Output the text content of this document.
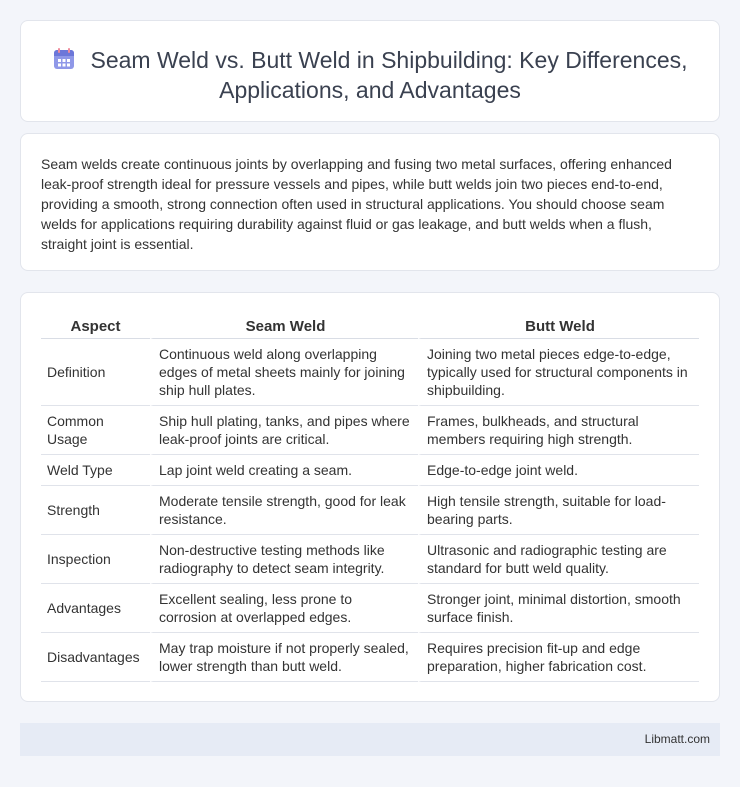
Seam Weld vs. Butt Weld in Shipbuilding: Key Differences, Applications, and Advantages

Seam welds create continuous joints by overlapping and fusing two metal surfaces, offering enhanced leak-proof strength ideal for pressure vessels and pipes, while butt welds join two pieces end-to-end, providing a smooth, strong connection often used in structural applications. You should choose seam welds for applications requiring durability against fluid or gas leakage, and butt welds when a flush, straight joint is essential.

Aspect	Seam Weld	Butt Weld
Definition	Continuous weld along overlapping edges of metal sheets mainly for joining ship hull plates.	Joining two metal pieces edge-to-edge, typically used for structural components in shipbuilding.
Common Usage	Ship hull plating, tanks, and pipes where leak-proof joints are critical.	Frames, bulkheads, and structural members requiring high strength.
Weld Type	Lap joint weld creating a seam.	Edge-to-edge joint weld.
Strength	Moderate tensile strength, good for leak resistance.	High tensile strength, suitable for load-bearing parts.
Inspection	Non-destructive testing methods like radiography to detect seam integrity.	Ultrasonic and radiographic testing are standard for butt weld quality.
Advantages	Excellent sealing, less prone to corrosion at overlapped edges.	Stronger joint, minimal distortion, smooth surface finish.
Disadvantages	May trap moisture if not properly sealed, lower strength than butt weld.	Requires precision fit-up and edge preparation, higher fabrication cost.
Libmatt.com
